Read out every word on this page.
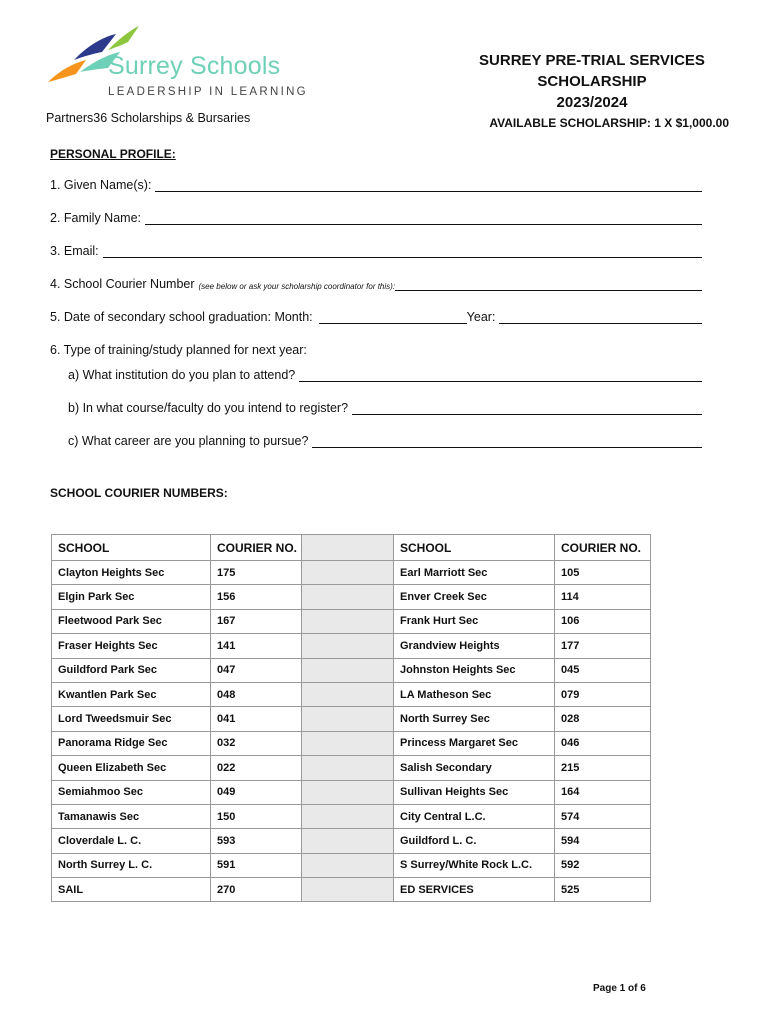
Surrey Schools
LEADERSHIP IN LEARNING
Partners36 Scholarships & Bursaries
SURREY PRE-TRIAL SERVICES
SCHOLARSHIP
2023/2024
AVAILABLE SCHOLARSHIP: 1 X $1,000.00
PERSONAL PROFILE:
1. Given Name(s):
2. Family Name:
3. Email:
4. School Courier Number (see below or ask your scholarship coordinator for this):
5. Date of secondary school graduation: Month:	Year:
6. Type of training/study planned for next year:
a) What institution do you plan to attend?
b) In what course/faculty do you intend to register?
c) What career are you planning to pursue?
SCHOOL COURIER NUMBERS:
SCHOOL	COURIER NO.		SCHOOL	COURIER NO.
Clayton Heights Sec	175		Earl Marriott Sec	105
Elgin Park Sec	156		Enver Creek Sec	114
Fleetwood Park Sec	167		Frank Hurt Sec	106
Fraser Heights Sec	141		Grandview Heights	177
Guildford Park Sec	047		Johnston Heights Sec	045
Kwantlen Park Sec	048		LA Matheson Sec	079
Lord Tweedsmuir Sec	041		North Surrey Sec	028
Panorama Ridge Sec	032		Princess Margaret Sec	046
Queen Elizabeth Sec	022		Salish Secondary	215
Semiahmoo Sec	049		Sullivan Heights Sec	164
Tamanawis Sec	150		City Central L.C.	574
Cloverdale L. C.	593		Guildford L. C.	594
North Surrey L. C.	591		S Surrey/White Rock L.C.	592
SAIL	270		ED SERVICES	525
Page 1 of 6
